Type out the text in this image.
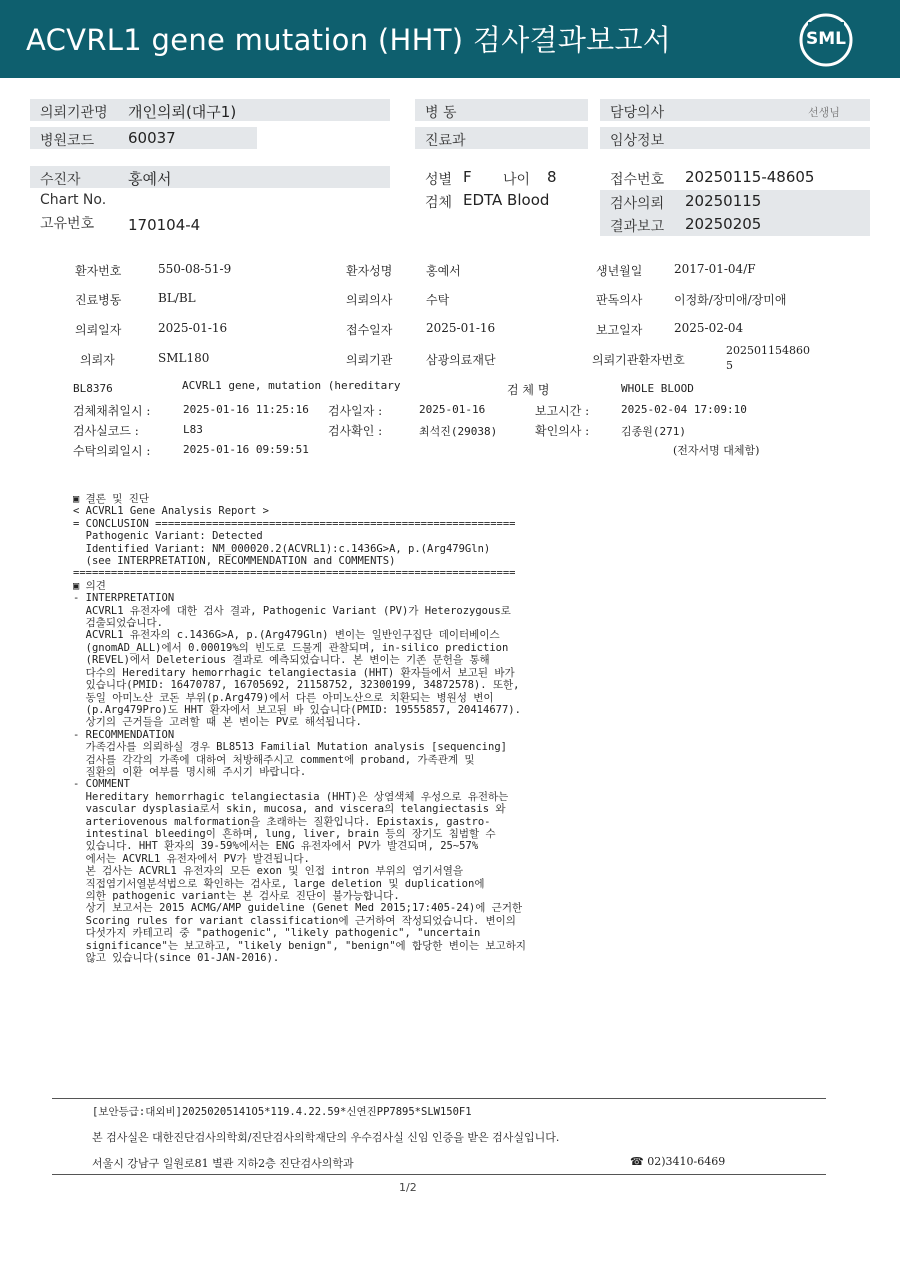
ACVRL1 gene mutation (HHT) 검사결과보고서	SML
의뢰기관명 개인의뢰(대구1)
병원코드 60037
병 동
진료과
담당의사	선생님
임상정보
수진자	홍예서
Chart No.
고유번호 170104-4
성별 F 나이 8
검체 EDTA Blood
접수번호 20250115-48605
검사의뢰 20250115
결과보고 20250205
환자번호	550-08-51-9	환자성명	홍예서	생년월일	2017-01-04/F
진료병동	BL/BL	의뢰의사	수탁	판독의사	이정화/장미애/장미애
의뢰일자	2025-01-16	접수일자	2025-01-16	보고일자	2025-02-04
의뢰자	SML180	의뢰기관	삼광의료재단	의뢰기관환자번호
202501154860
5
BL8376	ACVRL1 gene, mutation (hereditary	검 체 명	WHOLE BLOOD
검체채취일시 :	2025-01-16 11:25:16 검사일자 :	2025-01-16	보고시간 :	2025-02-04 17:09:10
검사실코드 :	L83	검사확인 :	최석진(29038)	확인의사 :	김종원(271)
수탁의뢰일시 :	2025-01-16 09:59:51	(전자서명 대체함)
▣ 결론 및 진단
< ACVRL1 Gene Analysis Report >
= CONCLUSION =========================================================
Pathogenic Variant: Detected
Identified Variant: NM_000020.2(ACVRL1):c.1436G>A, p.(Arg479Gln)
(see INTERPRETATION, RECOMMENDATION and COMMENTS)
======================================================================
▣ 의견
- INTERPRETATION
ACVRL1 유전자에 대한 검사 결과, Pathogenic Variant (PV)가 Heterozygous로
검출되었습니다.
ACVRL1 유전자의 c.1436G>A, p.(Arg479Gln) 변이는 일반인구집단 데이터베이스
(gnomAD_ALL)에서 0.00019%의 빈도로 드물게 관찰되며, in-silico prediction
(REVEL)에서 Deleterious 결과로 예측되었습니다. 본 변이는 기존 문헌을 통해
다수의 Hereditary hemorrhagic telangiectasia (HHT) 환자들에서 보고된 바가
있습니다(PMID: 16470787, 16705692, 21158752, 32300199, 34872578). 또한,
동일 아미노산 코돈 부위(p.Arg479)에서 다른 아미노산으로 치환되는 병원성 변이
(p.Arg479Pro)도 HHT 환자에서 보고된 바 있습니다(PMID: 19555857, 20414677).
상기의 근거들을 고려할 때 본 변이는 PV로 해석됩니다.
- RECOMMENDATION
가족검사를 의뢰하실 경우 BL8513 Familial Mutation analysis [sequencing]
검사를 각각의 가족에 대하여 처방해주시고 comment에 proband, 가족관계 및
질환의 이환 여부를 명시해 주시기 바랍니다.
- COMMENT
Hereditary hemorrhagic telangiectasia (HHT)은 상염색체 우성으로 유전하는
vascular dysplasia로서 skin, mucosa, and viscera의 telangiectasis 와
arteriovenous malformation을 초래하는 질환입니다. Epistaxis, gastro-
intestinal bleeding이 흔하며, lung, liver, brain 등의 장기도 침범할 수
있습니다. HHT 환자의 39-59%에서는 ENG 유전자에서 PV가 발견되며, 25~57%
에서는 ACVRL1 유전자에서 PV가 발견됩니다.
본 검사는 ACVRL1 유전자의 모든 exon 및 인접 intron 부위의 염기서열을
직접염기서열분석법으로 확인하는 검사로, large deletion 및 duplication에
의한 pathogenic variant는 본 검사로 진단이 불가능합니다.
상기 보고서는 2015 ACMG/AMP guideline (Genet Med 2015;17:405-24)에 근거한
Scoring rules for variant classification에 근거하여 작성되었습니다. 변이의
다섯가지 카테고리 중 "pathogenic", "likely pathogenic", "uncertain
significance"는 보고하고, "likely benign", "benign"에 합당한 변이는 보고하지
않고 있습니다(since 01-JAN-2016).
[보안등급:대외비]20250205141O5*119.4.22.59*신연진PP7895*SLW150F1
본 검사실은 대한진단검사의학회/진단검사의학재단의 우수검사실 신임 인증을 받은 검사실입니다.
서울시 강남구 일원로81 별관 지하2층 진단검사의학과	☎ 02)3410-6469
1/2
